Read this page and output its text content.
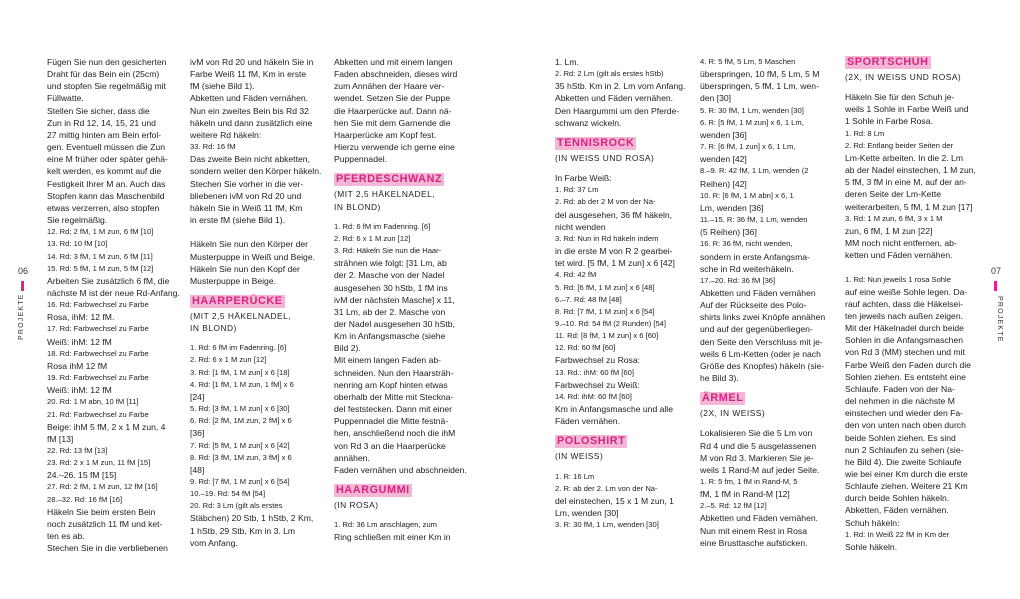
06
PROJEKTE
07
PROJEKTE

Fügen Sie nun den gesicherten

Draht für das Bein ein (25cm)

und stopfen Sie regelmäßig mit

Füllwatte.

Stellen Sie sicher, dass die

Zun in Rd 12, 14, 15, 21 und

27 mittig hinten am Bein erfol-

gen. Eventuell müssen die Zun

eine M früher oder später gehä-

kelt werden, es kommt auf die

Festigkeit Ihrer M an. Auch das

Stopfen kann das Maschenbild

etwas verzerren, also stopfen

Sie regelmäßig.

12. Rd: 2 fM, 1 M zun, 6 fM [10]

13. Rd: 10 fM [10]

14. Rd: 3 fM, 1 M zun, 6 fM [11]

15. Rd: 5 fM, 1 M zun, 5 fM [12]

Arbeiten Sie zusätzlich 6 fM, die

nächste M ist der neue Rd-Anfang.

16. Rd: Farbwechsel zu Farbe

Rosa, ihM: 12 fM.

17. Rd: Farbwechsel zu Farbe

Weiß: ihM: 12 fM

18. Rd: Farbwechsel zu Farbe

Rosa ihM 12 fM

19. Rd: Farbwechsel zu Farbe

Weiß: ihM: 12 fM

20. Rd: 1 M abn, 10 fM [11]

21. Rd: Farbwechsel zu Farbe

Beige: ihM 5 fM, 2 x 1 M zun, 4

fM [13]

22. Rd: 13 fM [13]

23. Rd: 2 x 1 M zun, 11 fM [15]

24.–26. 15 fM [15]

27. Rd: 2 fM, 1 M zun, 12 fM [16]

28.–32. Rd: 16 fM [16]

Häkeln Sie beim ersten Bein

noch zusätzlich 11 fM und ket-

ten es ab.

Stechen Sie in die verbliebenen

ivM von Rd 20 und häkeln Sie in

Farbe Weiß 11 fM, Km in erste

fM (siehe Bild 1).

Abketten und Fäden vernähen.

Nun ein zweites Bein bis Rd 32

häkeln und dann zusätzlich eine

weitere Rd häkeln:

33. Rd: 16 fM

Das zweite Bein nicht abketten,

sondern weiter den Körper häkeln.

Stechen Sie vorher in die ver-

bliebenen ivM von Rd 20 und

häkeln Sie in Weiß 11 fM, Km

in erste fM (siehe Bild 1).

Häkeln Sie nun den Körper der

Musterpuppe in Weiß und Beige.

Häkeln Sie nun den Kopf der

Musterpuppe in Beige.

HAARPERÜCKE

(MIT 2,5 HÄKELNADEL,

IN BLOND)

1. Rd: 6 fM im Fadenring. [6]

2. Rd: 6 x 1 M zun [12]

3. Rd: [1 fM, 1 M zun] x 6 [18]

4. Rd: [1 fM, 1 M zun, 1 fM] x 6

[24]

5. Rd: [3 fM, 1 M zun] x 6 [30]

6. Rd: [2 fM, 1M zun, 2 fM] x 6

[36]

7. Rd: [5 fM, 1 M zun] x 6 [42]

8. Rd: [3 fM, 1M zun, 3 fM] x 6

[48]

9. Rd: [7 fM, 1 M zun] x 6 [54]

10.–19. Rd: 54 fM [54]

20. Rd: 3 Lm (gilt als erstes

Stäbchen) 20 Stb, 1 hStb, 2 Km,

1 hStb, 29 Stb, Km in 3. Lm

vom Anfang.

Abketten und mit einem langen

Faden abschneiden, dieses wird

zum Annähen der Haare ver-

wendet. Setzen Sie der Puppe

die Haarperücke auf. Dann nä-

hen Sie mit dem Garnende die

Haarperücke am Kopf fest.

Hierzu verwende ich gerne eine

Puppennadel.

PFERDESCHWANZ

(MIT 2,5 HÄKELNADEL,

IN BLOND)

1. Rd: 6 fM im Fadenring. [6]

2. Rd: 6 x 1 M zun [12]

3. Rd: Häkeln Sie nun die Haar-

strähnen wie folgt: [31 Lm, ab

der 2. Masche von der Nadel

ausgesehen 30 hStb, 1 fM ins

ivM der nächsten Masche] x 11,

31 Lm, ab der 2. Masche von

der Nadel ausgesehen 30 hStb,

Km in Anfangsmasche (siehe

Bild 2).

Mit einem langen Faden ab-

schneiden. Nun den Haarsträh-

nenring am Kopf hinten etwas

oberhalb der Mitte mit Stecknа-

del feststecken. Dann mit einer

Puppennadel die Mitte festnä-

hen, anschließend noch die ihM

von Rd 3 an die Haarperücke

annähen.

Faden vernähen und abschneiden.

HAARGUMMI

(IN ROSA)

1. Rd: 36 Lm anschlagen, zum

Ring schließen mit einer Km in

1. Lm.

2. Rd: 2 Lm (gilt als erstes hStb)

35 hStb. Km in 2. Lm vom Anfang.

Abketten und Fäden vernähen.

Den Haargummi um den Pferde-

schwanz wickeln.

TENNISROCK

(IN WEISS UND ROSA)

In Farbe Weiß:

1. Rd: 37 Lm

2. Rd: ab der 2 M von der Na-

del ausgesehen, 36 fM häkeln,

nicht wenden

3. Rd: Nun in Rd häkeln indem

in die erste M von R 2 gearbei-

tet wird. [5 fM, 1 M zun] x 6 [42]

4. Rd: 42 fM

5. Rd: [6 fM, 1 M zun] x 6 [48]

6.–7. Rd: 48 fM [48]

8. Rd: [7 fM, 1 M zun] x 6 [54]

9.–10. Rd: 54 fM (2 Runden) [54]

11. Rd: [8 fM, 1 M zun] x 6 [60]

12. Rd: 60 fM [60]

Farbwechsel zu Rosa:

13. Rd.: ihM: 60 fM [60]

Farbwechsel zu Weiß:

14. Rd: ihM: 60 fM [60]

Km in Anfangsmasche und alle

Fäden vernähen.

POLOSHIRT

(IN WEISS)

1. R: 16 Lm

2. R: ab der 2. Lm von der Na-

del einstechen, 15 x 1 M zun, 1

Lm, wenden [30]

3. R: 30 fM, 1 Lm, wenden [30]

4. R: 5 fM, 5 Lm, 5 Maschen

überspringen, 10 fM, 5 Lm, 5 M

überspringen, 5 fM, 1 Lm, wen-

den [30]

5. R: 30 fM, 1 Lm, wenden [30]

6. R: [5 fM, 1 M zun] x 6, 1 Lm,

wenden [36]

7. R: [6 fM, 1 zun] x 6, 1 Lm,

wenden [42]

8.–9. R: 42 fM, 1 Lm, wenden (2

Reihen) [42]

10. R: [6 fM, 1 M abn] x 6, 1

Lm, wenden [36]

11.–15. R: 36 fM, 1 Lm, wenden

(5 Reihen) [36]

16. R: 36 fM, nicht wenden,

sondern in erste Anfangsma-

sche in Rd weiterhäkeln.

17.–20. Rd: 36 fM [36]

Abketten und Fäden vernähen

Auf der Rückseite des Polo-

shirts links zwei Knöpfe annähen

und auf der gegenüberliegen-

den Seite den Verschluss mit je-

weils 6 Lm-Ketten (oder je nach

Größe des Knopfes) häkeln (sie-

he Bild 3).

ÄRMEL

(2X, IN WEISS)

Lokalisieren Sie die 5 Lm von

Rd 4 und die 5 ausgelassenen

M von Rd 3. Markieren Sie je-

weils 1 Rand-M auf jeder Seite.

1. R: 5 fm, 1 fM in Rand-M, 5

fM, 1 fM in Rand-M [12]

2.–5. Rd: 12 fM [12]

Abketten und Fäden vernähen.

Nun mit einem Rest in Rosa

eine Brusttasche aufsticken.

SPORTSCHUH

(2X, IN WEISS UND ROSA)

Häkeln Sie für den Schuh je-

weils 1 Sohle in Farbe Weiß und

1 Sohle in Farbe Rosa.

1. Rd: 8 Lm

2. Rd: Entlang beider Seiten der

Lm-Kette arbeiten. In die 2. Lm

ab der Nadel einstechen, 1 M zun,

5 fM, 3 fM in eine M, auf der an-

deren Seite der Lm-Kette

weiterarbeiten, 5 fM, 1 M zun [17]

3. Rd: 1 M zun, 6 fM, 3 x 1 M

zun, 6 fM, 1 M zun [22]

MM noch nicht entfernen, ab-

ketten und Fäden vernähen.

1. Rd: Nun jeweils 1 rosa Sohle

auf eine weiße Sohle legen. Da-

rauf achten, dass die Häkelsei-

ten jeweils nach außen zeigen.

Mit der Häkelnadel durch beide

Sohlen in die Anfangsmaschen

von Rd 3 (MM) stechen und mit

Farbe Weiß den Faden durch die

Sohlen ziehen. Es entsteht eine

Schlaufe. Faden von der Na-

del nehmen in die nächste M

einstechen und wieder den Fa-

den von unten nach oben durch

beide Sohlen ziehen. Es sind

nun 2 Schlaufen zu sehen (sie-

he Bild 4). Die zweite Schlaufe

wie bei einer Km durch die erste

Schlaufe ziehen. Weitere 21 Km

durch beide Sohlen häkeln.

Abketten, Fäden vernähen.

Schuh häkeln:

1. Rd: In Weiß 22 fM in Km der

Sohle häkeln.
